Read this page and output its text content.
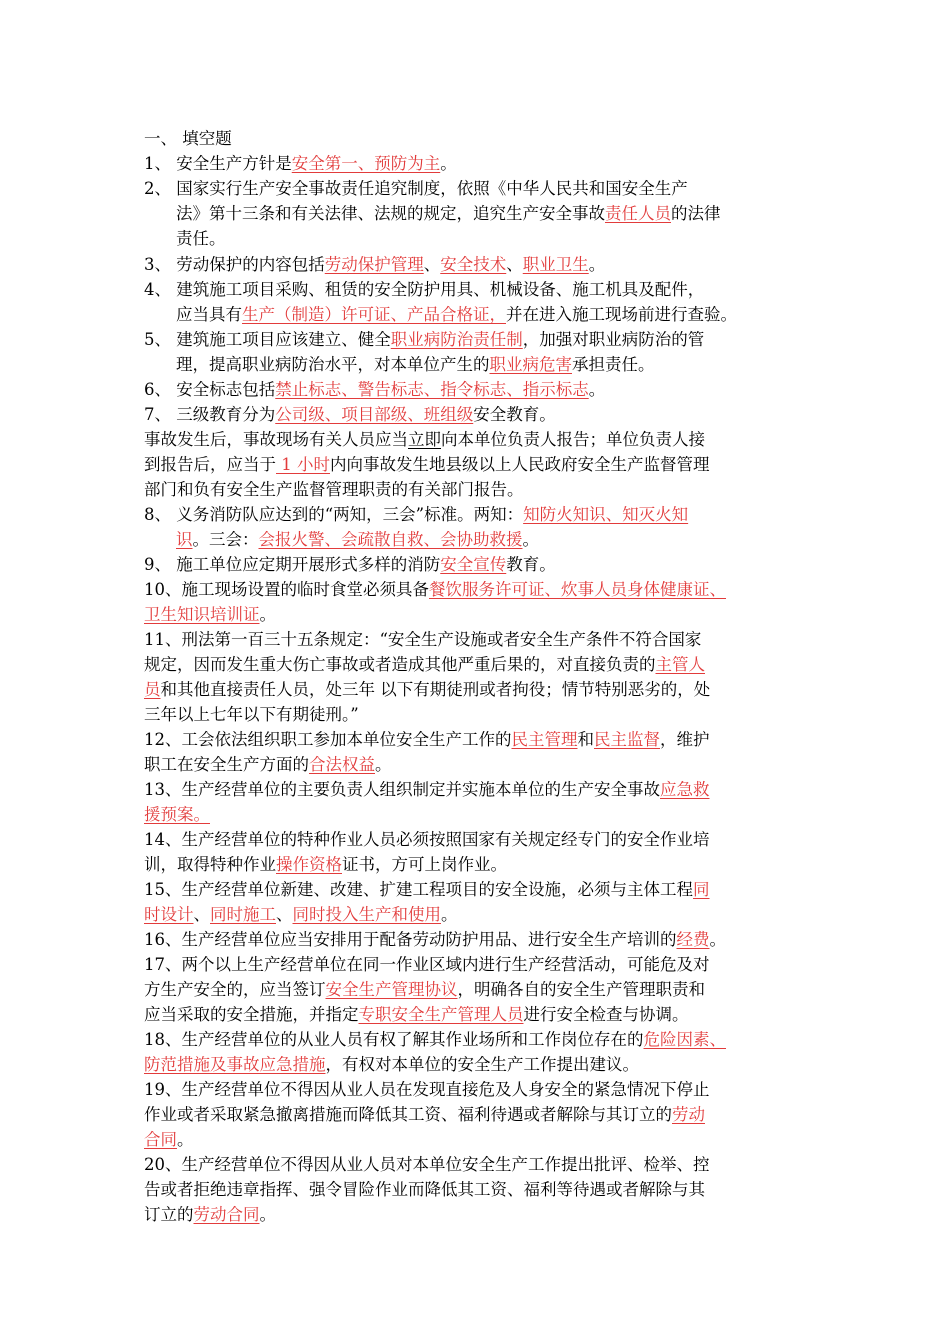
一、 填空题
1、 安全生产方针是安全第一、预防为主。
2、 国家实行生产安全事故责任追究制度，依照《中华人民共和国安全生产
法》第十三条和有关法律、法规的规定，追究生产安全事故责任人员的法律
责任。
3、 劳动保护的内容包括劳动保护管理、安全技术、职业卫生。
4、 建筑施工项目采购、租赁的安全防护用具、机械设备、施工机具及配件，
应当具有生产（制造）许可证、产品合格证，并在进入施工现场前进行查验。
5、 建筑施工项目应该建立、健全职业病防治责任制，加强对职业病防治的管
理，提高职业病防治水平，对本单位产生的职业病危害承担责任。
6、 安全标志包括禁止标志、警告标志、指令标志、指示标志。
7、 三级教育分为公司级、项目部级、班组级安全教育。
事故发生后，事故现场有关人员应当立即向本单位负责人报告；单位负责人接
到报告后，应当于 1 小时内向事故发生地县级以上人民政府安全生产监督管理
部门和负有安全生产监督管理职责的有关部门报告。
8、 义务消防队应达到的“两知，三会”标准。两知：知防火知识、知灭火知
识。三会：会报火警、会疏散自救、会协助救援。
9、 施工单位应定期开展形式多样的消防安全宣传教育。
10、施工现场设置的临时食堂必须具备餐饮服务许可证、炊事人员身体健康证、
卫生知识培训证。
11、刑法第一百三十五条规定：“安全生产设施或者安全生产条件不符合国家
规定，因而发生重大伤亡事故或者造成其他严重后果的，对直接负责的主管人
员和其他直接责任人员，处三年 以下有期徒刑或者拘役；情节特别恶劣的，处
三年以上七年以下有期徒刑。”
12、工会依法组织职工参加本单位安全生产工作的民主管理和民主监督，维护
职工在安全生产方面的合法权益。
13、生产经营单位的主要负责人组织制定并实施本单位的生产安全事故应急救
援预案。
14、生产经营单位的特种作业人员必须按照国家有关规定经专门的安全作业培
训，取得特种作业操作资格证书，方可上岗作业。
15、生产经营单位新建、改建、扩建工程项目的安全设施，必须与主体工程同
时设计、同时施工、同时投入生产和使用。
16、生产经营单位应当安排用于配备劳动防护用品、进行安全生产培训的经费。
17、两个以上生产经营单位在同一作业区域内进行生产经营活动，可能危及对
方生产安全的，应当签订安全生产管理协议，明确各自的安全生产管理职责和
应当采取的安全措施，并指定专职安全生产管理人员进行安全检查与协调。
18、生产经营单位的从业人员有权了解其作业场所和工作岗位存在的危险因素、
防范措施及事故应急措施，有权对本单位的安全生产工作提出建议。
19、生产经营单位不得因从业人员在发现直接危及人身安全的紧急情况下停止
作业或者采取紧急撤离措施而降低其工资、福利待遇或者解除与其订立的劳动
合同。
20、生产经营单位不得因从业人员对本单位安全生产工作提出批评、检举、控
告或者拒绝违章指挥、强令冒险作业而降低其工资、福利等待遇或者解除与其
订立的劳动合同。
